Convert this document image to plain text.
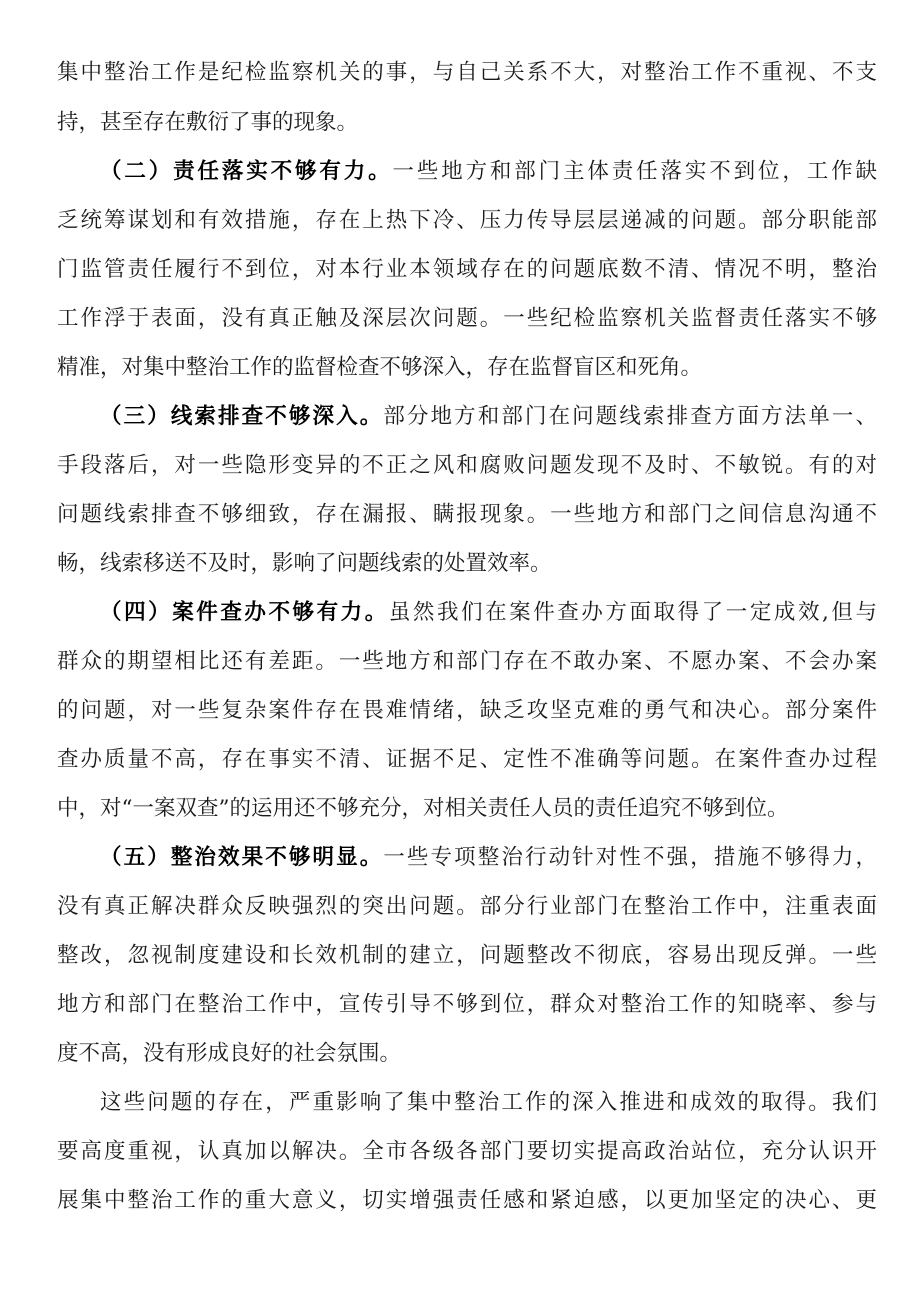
集中整治工作是纪检监察机关的事，与自己关系不大，对整治工作不重视、不支
持，甚至存在敷衍了事的现象。
（二）责任落实不够有力。一些地方和部门主体责任落实不到位，工作缺
乏统筹谋划和有效措施，存在上热下冷、压力传导层层递减的问题。部分职能部
门监管责任履行不到位，对本行业本领域存在的问题底数不清、情况不明，整治
工作浮于表面，没有真正触及深层次问题。一些纪检监察机关监督责任落实不够
精准，对集中整治工作的监督检查不够深入，存在监督盲区和死角。
（三）线索排查不够深入。部分地方和部门在问题线索排查方面方法单一、
手段落后，对一些隐形变异的不正之风和腐败问题发现不及时、不敏锐。有的对
问题线索排查不够细致，存在漏报、瞒报现象。一些地方和部门之间信息沟通不
畅，线索移送不及时，影响了问题线索的处置效率。
（四）案件查办不够有力。虽然我们在案件查办方面取得了一定成效,但与
群众的期望相比还有差距。一些地方和部门存在不敢办案、不愿办案、不会办案
的问题，对一些复杂案件存在畏难情绪，缺乏攻坚克难的勇气和决心。部分案件
查办质量不高，存在事实不清、证据不足、定性不准确等问题。在案件查办过程
中，对“一案双查”的运用还不够充分，对相关责任人员的责任追究不够到位。
（五）整治效果不够明显。一些专项整治行动针对性不强，措施不够得力，
没有真正解决群众反映强烈的突出问题。部分行业部门在整治工作中，注重表面
整改，忽视制度建设和长效机制的建立，问题整改不彻底，容易出现反弹。一些
地方和部门在整治工作中，宣传引导不够到位，群众对整治工作的知晓率、参与
度不高，没有形成良好的社会氛围。
这些问题的存在，严重影响了集中整治工作的深入推进和成效的取得。我们
要高度重视，认真加以解决。全市各级各部门要切实提高政治站位，充分认识开
展集中整治工作的重大意义，切实增强责任感和紧迫感，以更加坚定的决心、更
